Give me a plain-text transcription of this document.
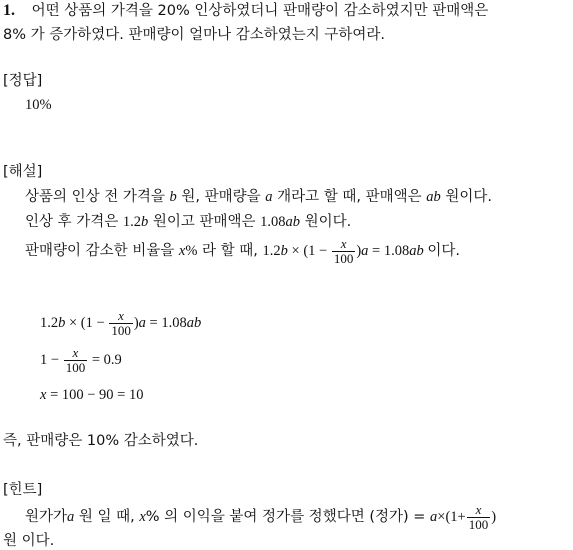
1. 어떤 상품의 가격을 20% 인상하였더니 판매량이 감소하였지만 판매액은
8% 가 증가하였다. 판매량이 얼마나 감소하였는지 구하여라.
[정답]
10%
[해설]
상품의 인상 전 가격을 b 원, 판매량을 a 개라고 할 때, 판매액은 ab 원이다.
인상 후 가격은 1.2b 원이고 판매액은 1.08ab 원이다.
판매량이 감소한 비율을 x% 라 할 때, $1.2b \times (1 - \frac{x}{100} )a = 1.08ab$ 이다.
$1.2b \times (1 - \frac{x}{100} )a = 1.08ab$
$1 - \frac{x}{100} = 0.9$
x = 100 − 90 = 10
즉, 판매량은 10% 감소하였다.
[힌트]
원가가a 원 일 때, x% 의 이익을 붙여 정가를 정했다면 (정가) = $a\times(1+ \frac{x}{100}$ )
원 이다.
